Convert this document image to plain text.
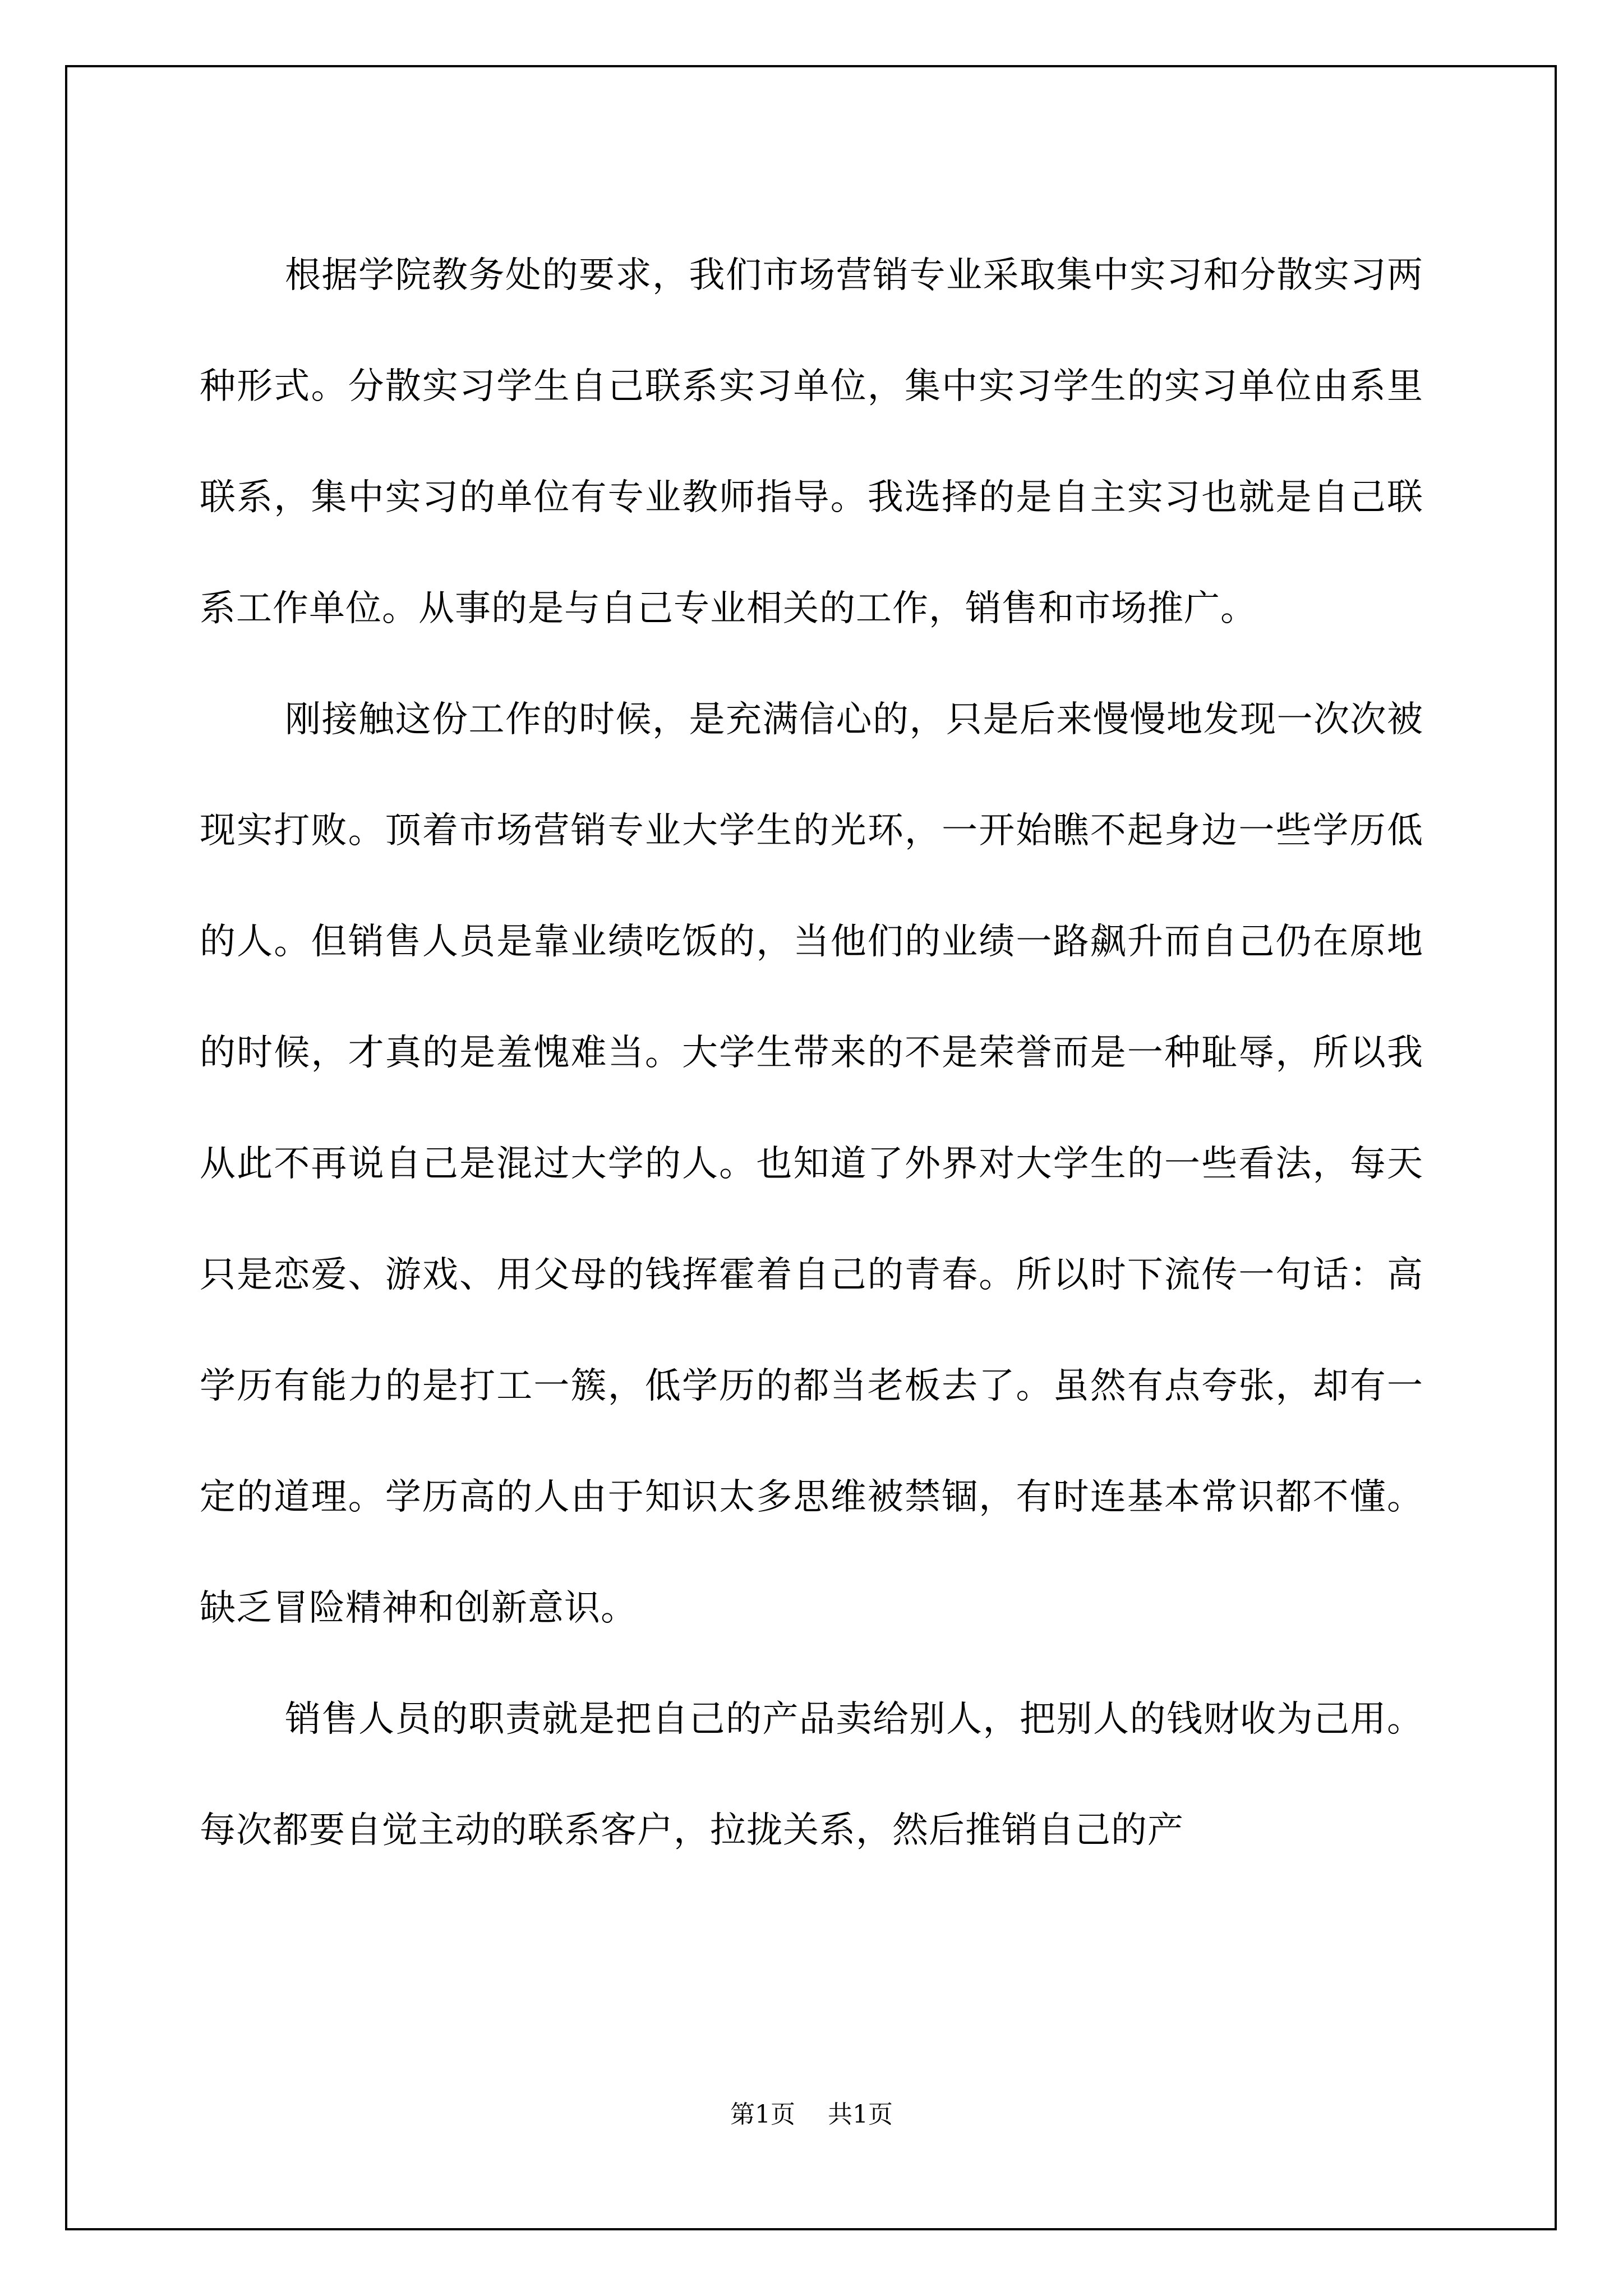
根据学院教务处的要求，我们市场营销专业采取集中实习和分散实习两种形式。分散实习学生自己联系实习单位，集中实习学生的实习单位由系里联系，集中实习的单位有专业教师指导。我选择的是自主实习也就是自己联系工作单位。从事的是与自己专业相关的工作，销售和市场推广。

刚接触这份工作的时候，是充满信心的，只是后来慢慢地发现一次次被现实打败。顶着市场营销专业大学生的光环，一开始瞧不起身边一些学历低的人。但销售人员是靠业绩吃饭的，当他们的业绩一路飙升而自己仍在原地的时候，才真的是羞愧难当。大学生带来的不是荣誉而是一种耻辱，所以我从此不再说自己是混过大学的人。也知道了外界对大学生的一些看法，每天只是恋爱、游戏、用父母的钱挥霍着自己的青春。所以时下流传一句话：高学历有能力的是打工一簇，低学历的都当老板去了。虽然有点夸张，却有一定的道理。学历高的人由于知识太多思维被禁锢，有时连基本常识都不懂。缺乏冒险精神和创新意识。

销售人员的职责就是把自己的产品卖给别人，把别人的钱财收为己用。每次都要自觉主动的联系客户，拉拢关系，然后推销自己的产

第1页 共1页
